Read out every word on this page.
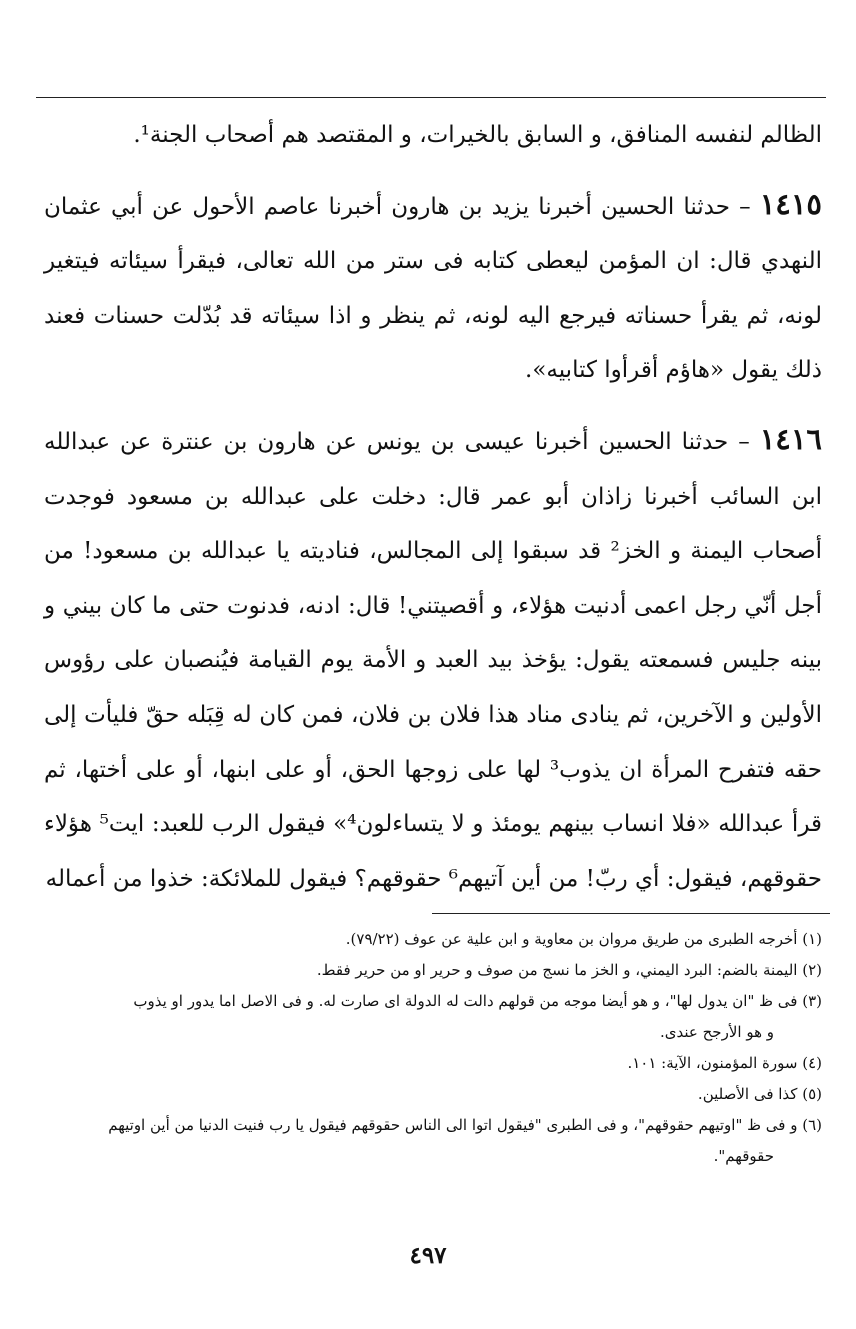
الظالم لنفسه المنافق، و السابق بالخيرات، و المقتصد هم أصحاب الجنة¹.

١٤١٥ – حدثنا الحسين أخبرنا يزيد بن هارون أخبرنا عاصم الأحول عن أبي عثمان النهدي قال: ان المؤمن ليعطى كتابه فى ستر من الله تعالى، فيقرأ سيئاته فيتغير لونه، ثم يقرأ حسناته فيرجع اليه لونه، ثم ينظر و اذا سيئاته قد بُدّلت حسنات فعند ذلك يقول «هاؤم أقرأوا كتابيه».

١٤١٦ – حدثنا الحسين أخبرنا عيسى بن يونس عن هارون بن عنترة عن عبدالله ابن السائب أخبرنا زاذان أبو عمر قال: دخلت على عبدالله بن مسعود فوجدت أصحاب اليمنة و الخز² قد سبقوا إلى المجالس، فناديته يا عبدالله بن مسعود! من أجل أنّي رجل اعمى أدنيت هؤلاء، و أقصيتني! قال: ادنه، فدنوت حتى ما كان بيني و بينه جليس فسمعته يقول: يؤخذ بيد العبد و الأمة يوم القيامة فيُنصبان على رؤوس الأولين و الآخرين، ثم ينادى مناد هذا فلان بن فلان، فمن كان له قِبَله حقّ فليأت إلى حقه فتفرح المرأة ان يذوب³ لها على زوجها الحق، أو على ابنها، أو على أختها، ثم قرأ عبدالله «فلا انساب بينهم يومئذ و لا يتساءلون⁴» فيقول الرب للعبد: ايت⁵ هؤلاء حقوقهم، فيقول: أي ربّ! من أين آتيهم⁶ حقوقهم؟ فيقول للملائكة: خذوا من أعماله

(١) أخرجه الطبرى من طريق مروان بن معاوية و ابن علية عن عوف (٧٩/٢٢).

(٢) اليمنة بالضم: البرد اليمني، و الخز ما نسج من صوف و حرير او من حرير فقط.

(٣) فى ظ "ان يدول لها"، و هو أيضا موجه من قولهم دالت له الدولة اى صارت له. و فى الاصل اما يدور او يذوب

و هو الأرجح عندى.

(٤) سورة المؤمنون، الآية: ١٠١.

(٥) كذا فى الأصلين.

(٦) و فى ظ "اوتيهم حقوقهم"، و فى الطبرى "فيقول اتوا الى الناس حقوقهم فيقول يا رب فنيت الدنيا من أين اوتيهم

حقوقهم".

٤٩٧
